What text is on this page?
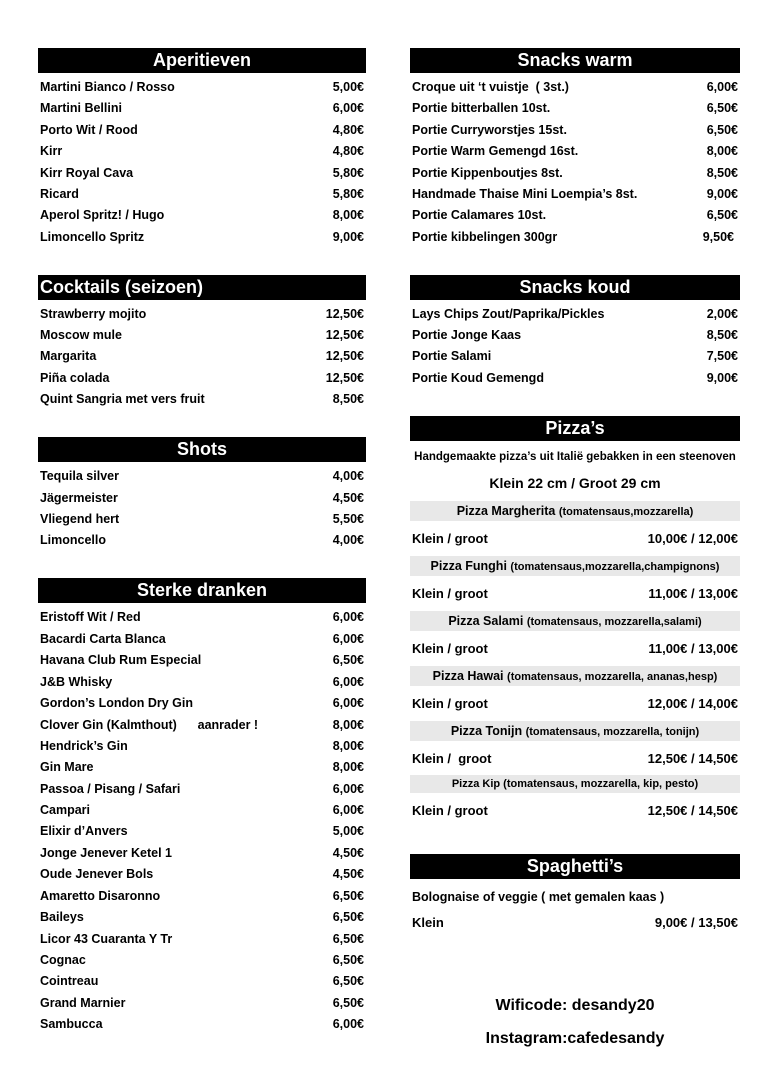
Aperitieven
Martini Bianco / Rosso	5,00€
Martini Bellini	6,00€
Porto Wit / Rood	4,80€
Kirr	4,80€
Kirr Royal Cava	5,80€
Ricard	5,80€
Aperol Spritz! / Hugo	8,00€
Limoncello Spritz	9,00€
Cocktails (seizoen)
Strawberry mojito	12,50€
Moscow mule	12,50€
Margarita	12,50€
Piña colada	12,50€
Quint Sangria met vers fruit	8,50€
Shots
Tequila silver	4,00€
Jägermeister	4,50€
Vliegend hert	5,50€
Limoncello	4,00€
Sterke dranken
Eristoff Wit / Red	6,00€
Bacardi Carta Blanca	6,00€
Havana Club Rum Especial	6,50€
J&B Whisky	6,00€
Gordon’s London Dry Gin	6,00€
Clover Gin (Kalmthout)      aanrader !	8,00€
Hendrick’s Gin	8,00€
Gin Mare	8,00€
Passoa / Pisang / Safari	6,00€
Campari	6,00€
Elixir d’Anvers	5,00€
Jonge Jenever Ketel 1	4,50€
Oude Jenever Bols	4,50€
Amaretto Disaronno	6,50€
Baileys	6,50€
Licor 43 Cuaranta Y Tr	6,50€
Cognac	6,50€
Cointreau	6,50€
Grand Marnier	6,50€
Sambucca	6,00€
Snacks warm
Croque uit ‘t vuistje  ( 3st.)	6,00€
Portie bitterballen 10st.	6,50€
Portie Curryworstjes 15st.	6,50€
Portie Warm Gemengd 16st.	8,00€
Portie Kippenboutjes 8st.	8,50€
Handmade Thaise Mini Loempia’s 8st.	9,00€
Portie Calamares 10st.	6,50€
Portie kibbelingen 300gr	9,50€
Snacks koud
Lays Chips Zout/Paprika/Pickles	2,00€
Portie Jonge Kaas	8,50€
Portie Salami	7,50€
Portie Koud Gemengd	9,00€
Pizza’s
Handgemaakte pizza’s uit Italië gebakken in een steenoven
Klein 22 cm / Groot 29 cm
Pizza Margherita (tomatensaus,mozzarella)
Klein / groot	10,00€ / 12,00€
Pizza Funghi (tomatensaus,mozzarella,champignons)
Klein / groot	11,00€ / 13,00€
Pizza Salami (tomatensaus, mozzarella,salami)
Klein / groot	11,00€ / 13,00€
Pizza Hawai (tomatensaus, mozzarella, ananas,hesp)
Klein / groot	12,00€ / 14,00€
Pizza Tonijn (tomatensaus, mozzarella, tonijn)
Klein /  groot	12,50€ / 14,50€
Pizza Kip (tomatensaus, mozzarella, kip, pesto)
Klein / groot	12,50€ / 14,50€
Spaghetti’s
Bolognaise of veggie ( met gemalen kaas )
Klein	9,00€ / 13,50€
Wificode: desandy20
Instagram:cafedesandy
